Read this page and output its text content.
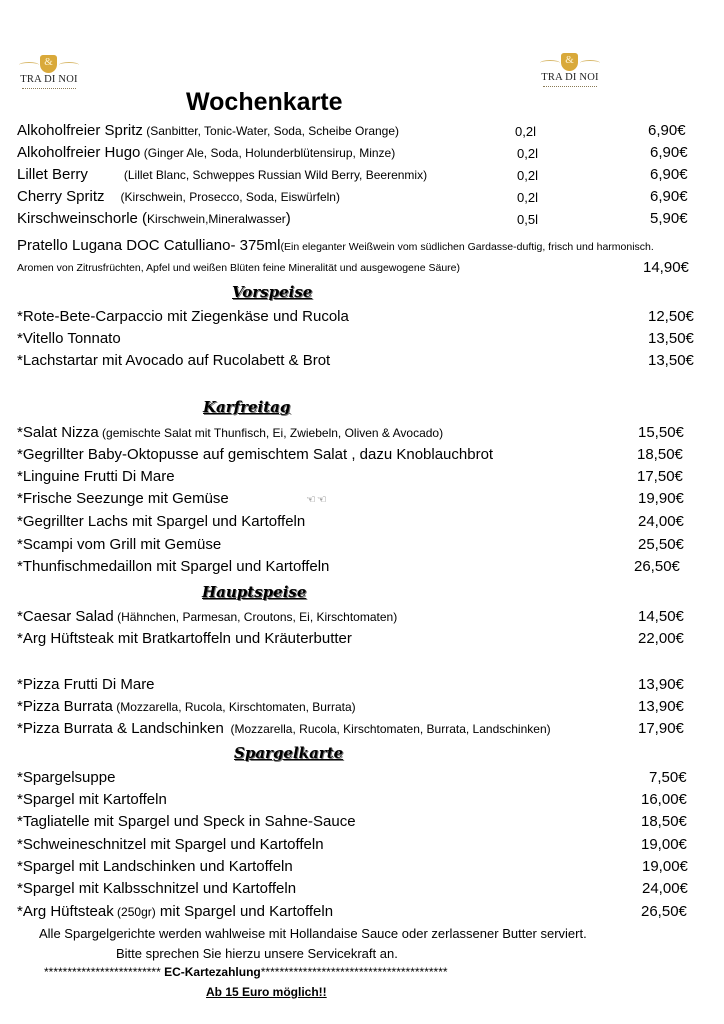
&
TRA DI NOI
&
TRA DI NOI
Wochenkarte
Alkoholfreier Spritz (Sanbitter, Tonic-Water, Soda, Scheibe Orange)	0,2l	6,90€
Alkoholfreier Hugo (Ginger Ale, Soda, Holunderblütensirup, Minze)	0,2l	6,90€
Lillet Berry	(Lillet Blanc, Schweppes Russian Wild Berry, Beerenmix)	0,2l	6,90€
Cherry Spritz (Kirschwein, Prosecco, Soda, Eiswürfeln)	0,2l	6,90€
Kirschweinschorle (Kirschwein,Mineralwasser)	0,5l	5,90€
Pratello Lugana DOC Catulliano- 375ml(Ein eleganter Weißwein vom südlichen Gardasse-duftig, frisch und harmonisch.
Aromen von Zitrusfrüchten, Apfel und weißen Blüten feine Mineralität und ausgewogene Säure)	14,90€
Vorspeise
*Rote-Bete-Carpaccio mit Ziegenkäse und Rucola	12,50€
*Vitello Tonnato	13,50€
*Lachstartar mit Avocado auf Rucolabett & Brot	13,50€
Karfreitag
*Salat Nizza (gemischte Salat mit Thunfisch, Ei, Zwiebeln, Oliven & Avocado)	15,50€
*Gegrillter Baby-Oktopusse auf gemischtem Salat , dazu Knoblauchbrot	18,50€
*Linguine Frutti Di Mare	17,50€
*Frische Seezunge mit Gemüse	☜☜	19,90€
*Gegrillter Lachs mit Spargel und Kartoffeln	24,00€
*Scampi vom Grill mit Gemüse	25,50€
*Thunfischmedaillon mit Spargel und Kartoffeln	26,50€
Hauptspeise
*Caesar Salad (Hähnchen, Parmesan, Croutons, Ei, Kirschtomaten)	14,50€
*Arg Hüftsteak mit Bratkartoffeln und Kräuterbutter	22,00€
*Pizza Frutti Di Mare	13,90€
*Pizza Burrata (Mozzarella, Rucola, Kirschtomaten, Burrata)	13,90€
*Pizza Burrata & Landschinken  (Mozzarella, Rucola, Kirschtomaten, Burrata, Landschinken)	17,90€
Spargelkarte
*Spargelsuppe	7,50€
*Spargel mit Kartoffeln	16,00€
*Tagliatelle mit Spargel und Speck in Sahne-Sauce	18,50€
*Schweineschnitzel mit Spargel und Kartoffeln	19,00€
*Spargel mit Landschinken und Kartoffeln	19,00€
*Spargel mit Kalbsschnitzel und Kartoffeln	24,00€
*Arg Hüftsteak (250gr) mit Spargel und Kartoffeln	26,50€
Alle Spargelgerichte werden wahlweise mit Hollandaise Sauce oder zerlassener Butter serviert.
Bitte sprechen Sie hierzu unsere Servicekraft an.
************************* EC-Kartezahlung****************************************
Ab 15 Euro möglich!!
